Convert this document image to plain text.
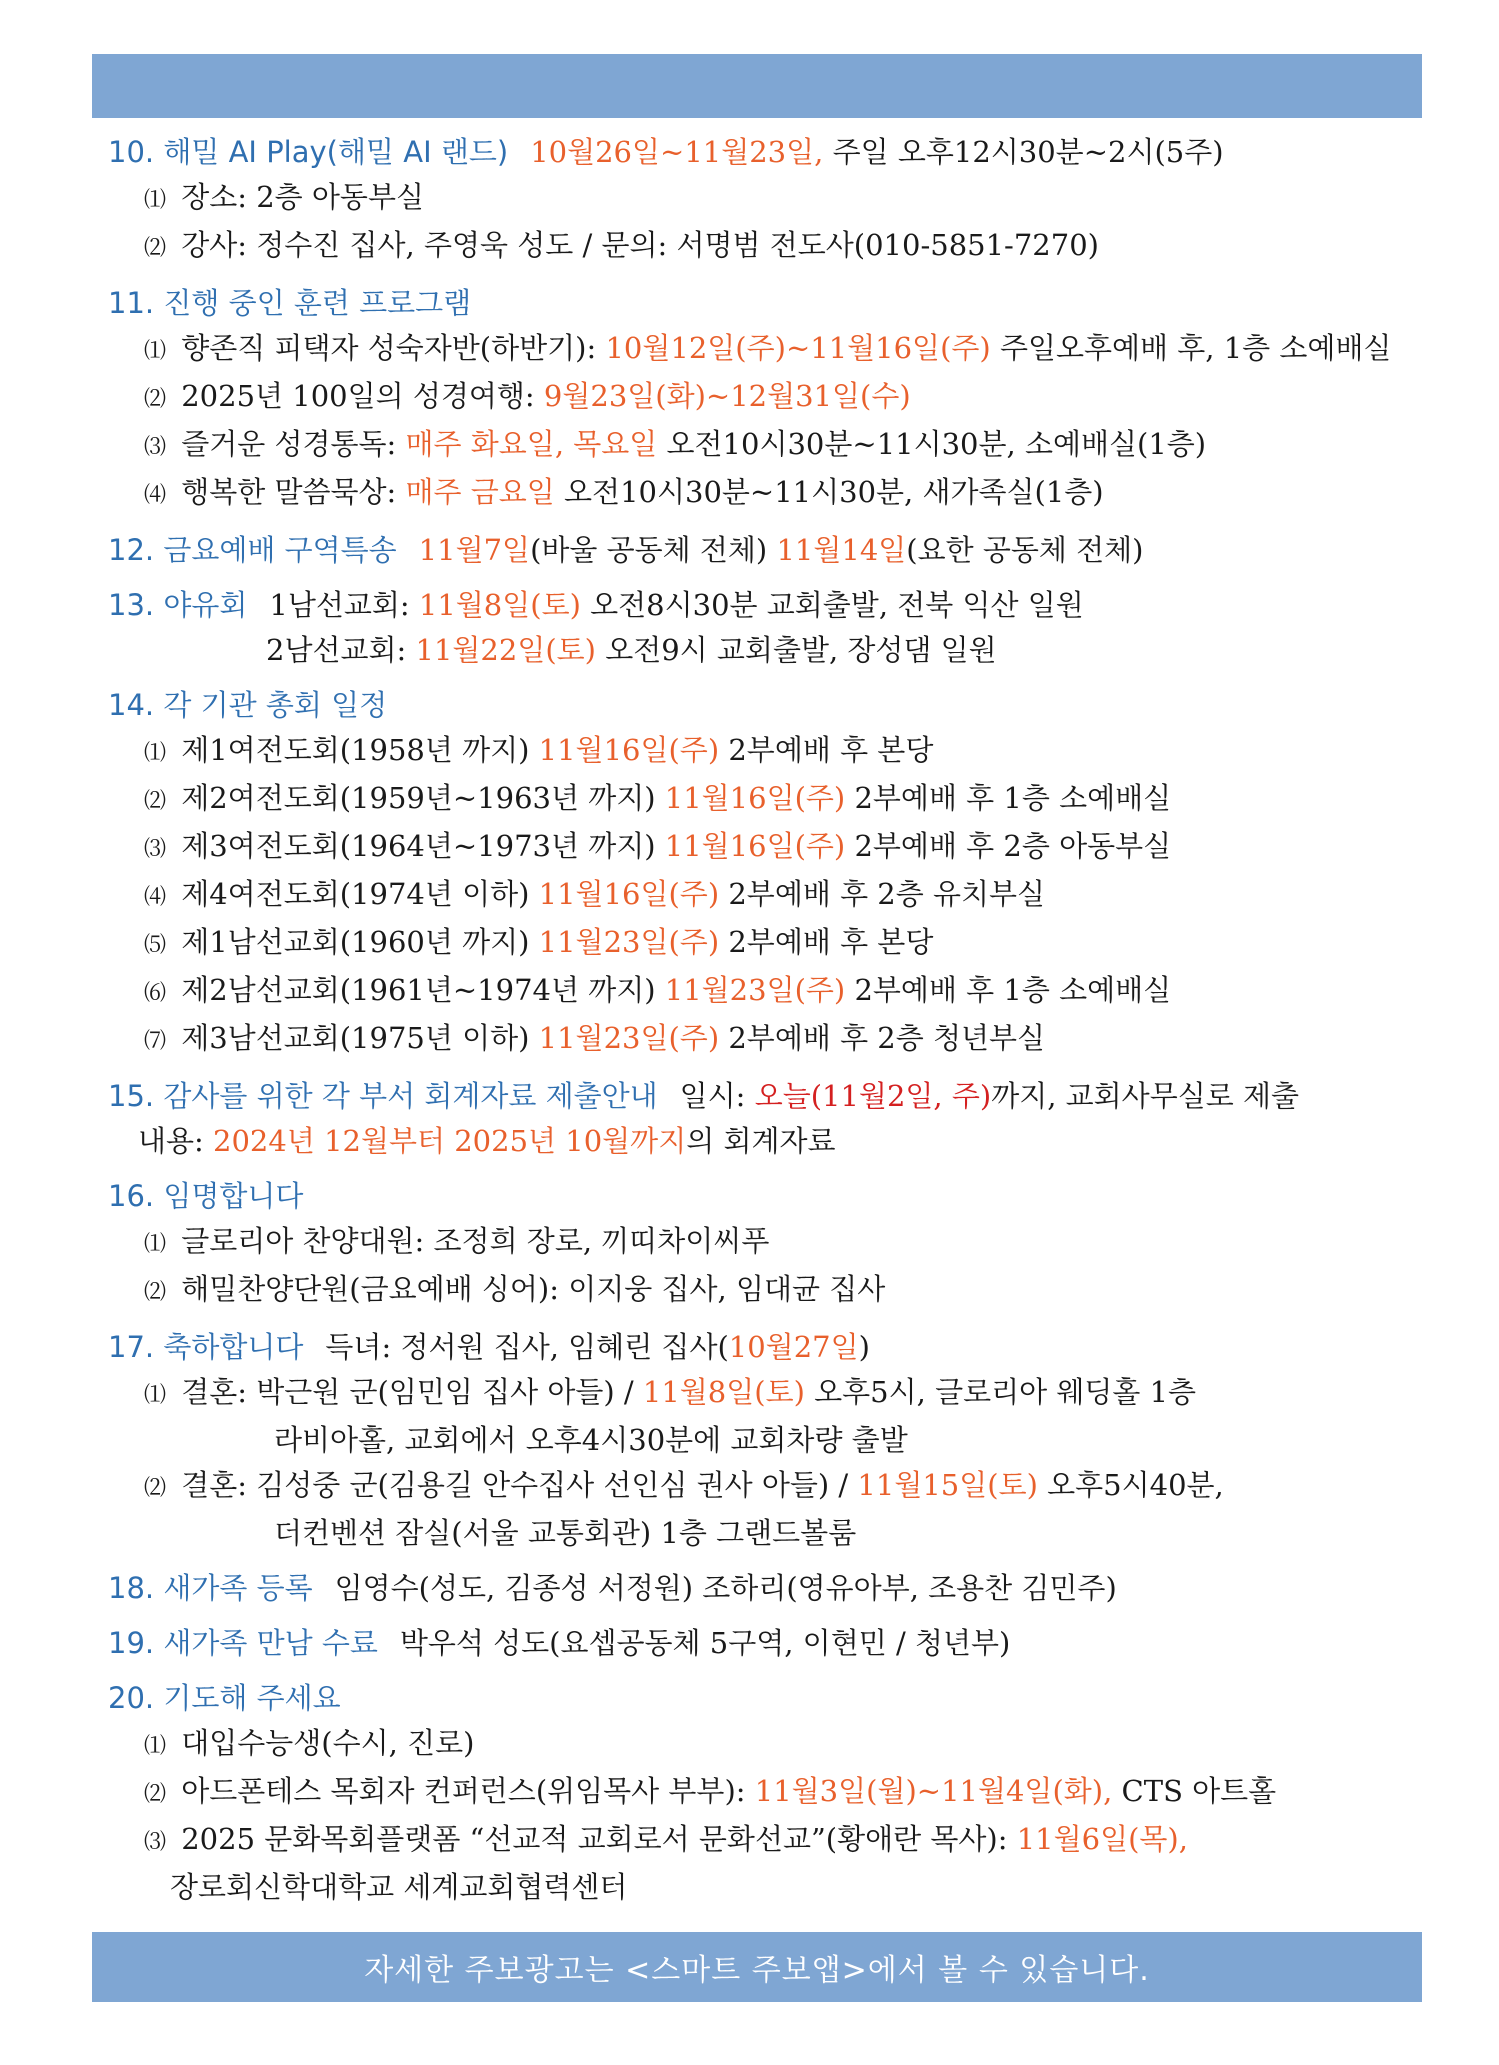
10. 해밀 AI Play(해밀 AI 랜드) 10월26일~11월23일, 주일 오후12시30분~2시(5주)
⑴ 장소: 2층 아동부실
⑵ 강사: 정수진 집사, 주영욱 성도 / 문의: 서명범 전도사(010-5851-7270)
11. 진행 중인 훈련 프로그램
⑴ 향존직 피택자 성숙자반(하반기): 10월12일(주)~11월16일(주) 주일오후예배 후, 1층 소예배실
⑵ 2025년 100일의 성경여행: 9월23일(화)~12월31일(수)
⑶ 즐거운 성경통독: 매주 화요일, 목요일 오전10시30분~11시30분, 소예배실(1층)
⑷ 행복한 말씀묵상: 매주 금요일 오전10시30분~11시30분, 새가족실(1층)
12. 금요예배 구역특송 11월7일(바울 공동체 전체) 11월14일(요한 공동체 전체)
13. 야유회 1남선교회: 11월8일(토) 오전8시30분 교회출발, 전북 익산 일원
2남선교회: 11월22일(토) 오전9시 교회출발, 장성댐 일원
14. 각 기관 총회 일정
⑴ 제1여전도회(1958년 까지) 11월16일(주) 2부예배 후 본당
⑵ 제2여전도회(1959년~1963년 까지) 11월16일(주) 2부예배 후 1층 소예배실
⑶ 제3여전도회(1964년~1973년 까지) 11월16일(주) 2부예배 후 2층 아동부실
⑷ 제4여전도회(1974년 이하) 11월16일(주) 2부예배 후 2층 유치부실
⑸ 제1남선교회(1960년 까지) 11월23일(주) 2부예배 후 본당
⑹ 제2남선교회(1961년~1974년 까지) 11월23일(주) 2부예배 후 1층 소예배실
⑺ 제3남선교회(1975년 이하) 11월23일(주) 2부예배 후 2층 청년부실
15. 감사를 위한 각 부서 회계자료 제출안내 일시: 오늘(11월2일, 주)까지, 교회사무실로 제출
내용: 2024년 12월부터 2025년 10월까지의 회계자료
16. 임명합니다
⑴ 글로리아 찬양대원: 조정희 장로, 끼띠차이씨푸
⑵ 해밀찬양단원(금요예배 싱어): 이지웅 집사, 임대균 집사
17. 축하합니다 득녀: 정서원 집사, 임혜린 집사(10월27일)
⑴ 결혼: 박근원 군(임민임 집사 아들) / 11월8일(토) 오후5시, 글로리아 웨딩홀 1층
라비아홀, 교회에서 오후4시30분에 교회차량 출발
⑵ 결혼: 김성중 군(김용길 안수집사 선인심 권사 아들) / 11월15일(토) 오후5시40분,
더컨벤션 잠실(서울 교통회관) 1층 그랜드볼룸
18. 새가족 등록 임영수(성도, 김종성 서정원) 조하리(영유아부, 조용찬 김민주)
19. 새가족 만남 수료 박우석 성도(요셉공동체 5구역, 이현민 / 청년부)
20. 기도해 주세요
⑴ 대입수능생(수시, 진로)
⑵ 아드폰테스 목회자 컨퍼런스(위임목사 부부): 11월3일(월)~11월4일(화), CTS 아트홀
⑶ 2025 문화목회플랫폼 “선교적 교회로서 문화선교”(황애란 목사): 11월6일(목),
장로회신학대학교 세계교회협력센터
자세한 주보광고는 <스마트 주보앱>에서 볼 수 있습니다.
